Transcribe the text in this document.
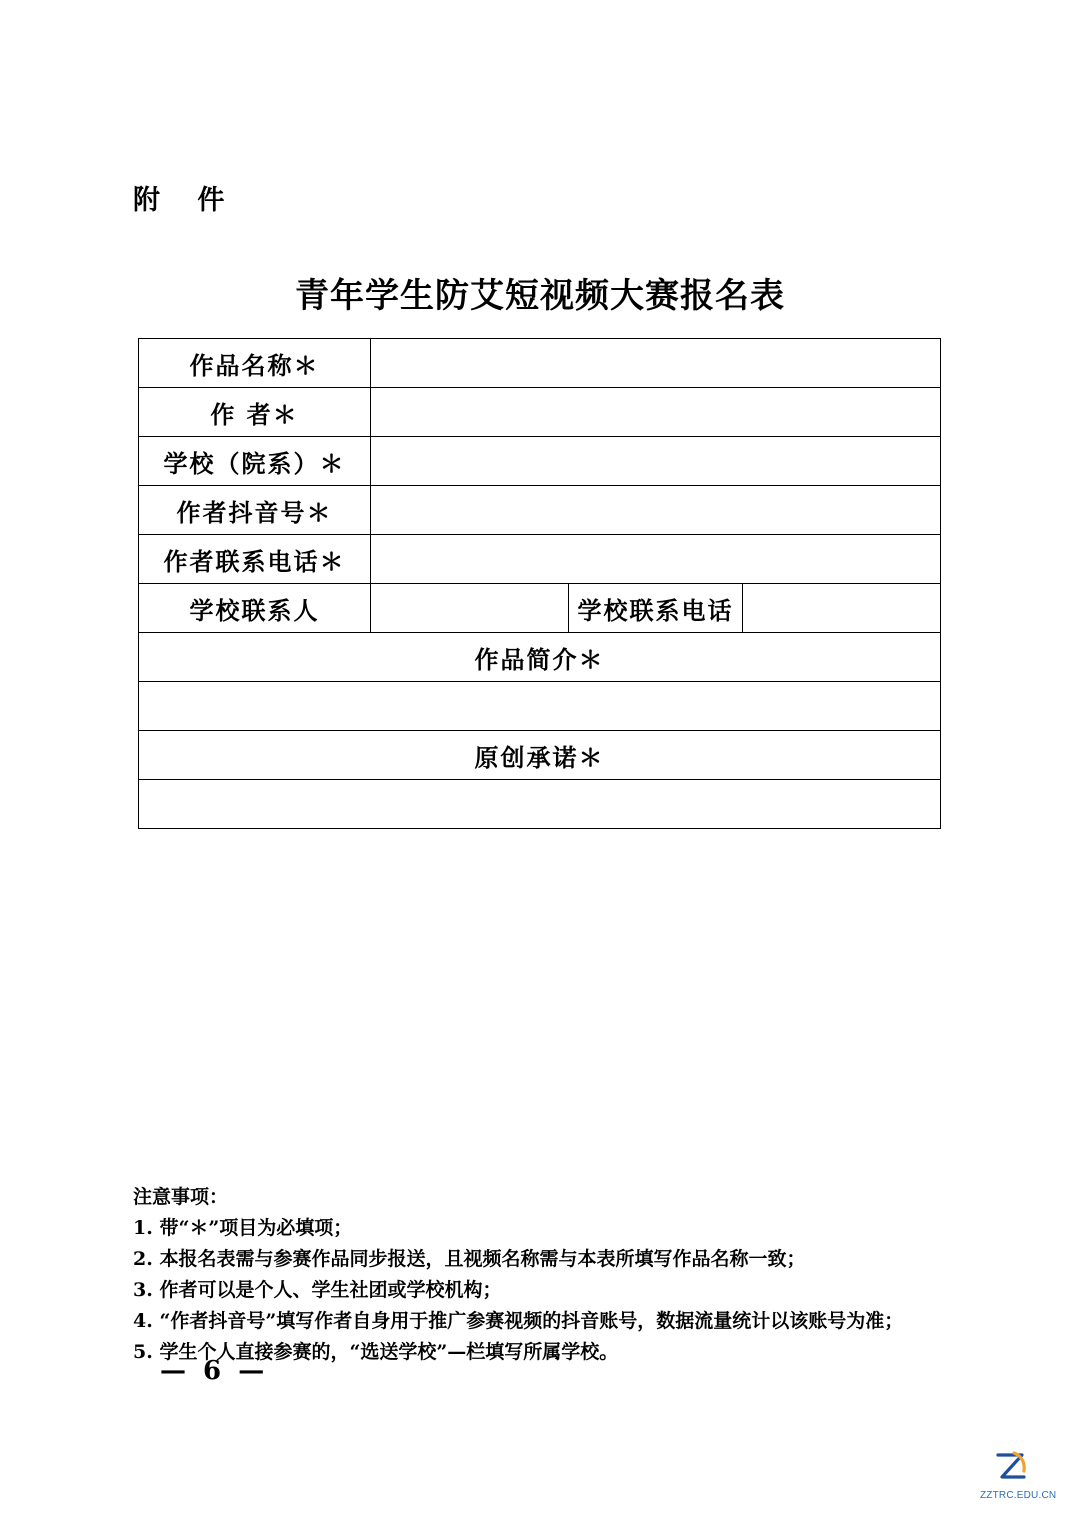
附 件
青年学生防艾短视频大赛报名表
作品名称＊			
作 者＊			
学校（院系）＊			
作者抖音号＊			
作者联系电话＊			
学校联系人		学校联系电话	
作品简介＊			

原创承诺＊			

注意事项：
1. 带“＊”项目为必填项；
2. 本报名表需与参赛作品同步报送，且视频名称需与本表所填写作品名称一致；
3. 作者可以是个人、学生社团或学校机构；
4. “作者抖音号”填写作者自身用于推广参赛视频的抖音账号，数据流量统计以该账号为准；
5. 学生个人直接参赛的，“选送学校”—栏填写所属学校。
— 6 —
ZZTRC.EDU.CN
